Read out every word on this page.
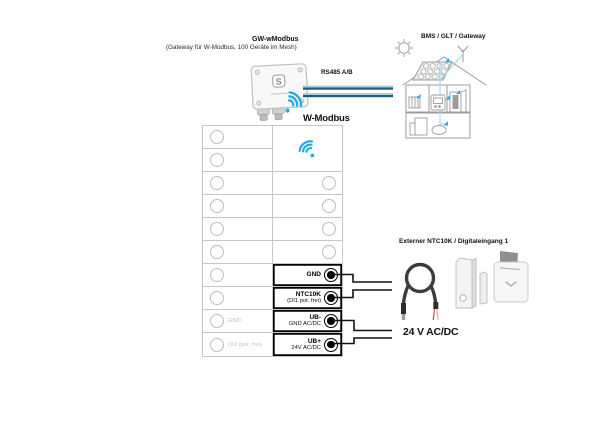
GW-wModbus
(Gateway für W-Modbus, 100 Geräte im Mesh)
BMS / GLT / Gateway
RS485 A/B
W-Modbus
Externer NTC10K / Digitaleingang 1
24 V AC/DC
S
GND
DI2 (pot. frei)
GND
NTC10K
(DI1 pot. frei)
UB-
GND AC/DC
UB+
24V AC/DC
